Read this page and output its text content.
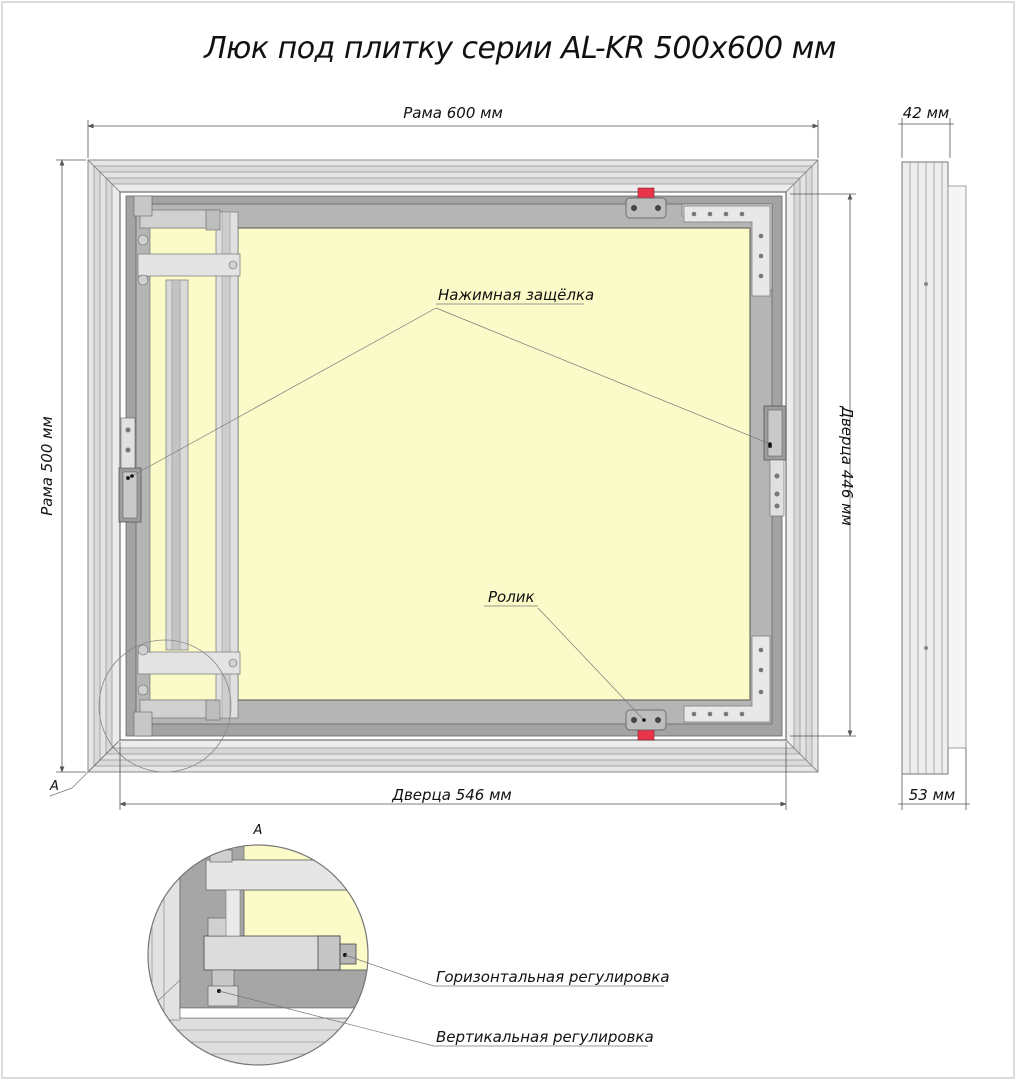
Люк под плитку серии AL-KR 500х600 мм
А
Рама 600 мм
Рама 500 мм
Дверца 546 мм
Дверца 446 мм
42 мм
53 мм
Нажимная защёлка
Ролик
А
Горизонтальная регулировка
Вертикальная регулировка
